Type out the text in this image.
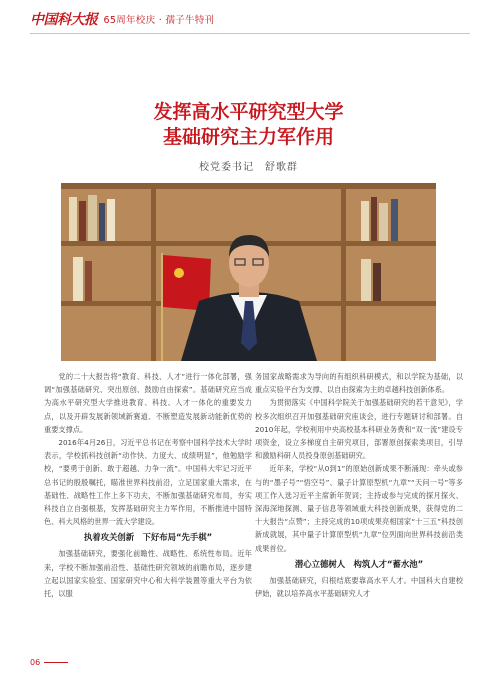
中国科大报 65周年校庆 · 孺子牛特刊
发挥高水平研究型大学
基础研究主力军作用
校党委书记　舒歌群

党的二十大报告将“教育、科技、人才”进行一体化部署，强调“加强基础研究、突出原创、鼓励自由探索”。基础研究应当成为高水平研究型大学推进教育、科技、人才一体化的重要发力点，以及开辟发展新领域新赛道、不断塑造发展新动能新优势的重要支撑点。

2016年4月26日，习近平总书记在考察中国科学技术大学时表示，学校抓科技创新“动作快、力度大、成绩明显”，他勉励学校，“要勇于创新、敢于超越、力争一流”。中国科大牢记习近平总书记的殷殷嘱托，瞄准世界科技前沿，立足国家重大需求，在基础性、战略性工作上多下功夫，不断加强基础研究布局，夯实科技自立自强根基，发挥基础研究主力军作用，不断推进中国特色、科大风格的世界一流大学建设。

执着攻关创新　下好布局“先手棋”

加强基础研究，要强化前瞻性、战略性、系统性布局。近年来，学校不断加强前沿性、基础性研究领域的前瞻布局，逐步建立起以国家实验室、国家研究中心和大科学装置等重大平台为依托，以服

务国家战略需求为导向的有组织科研模式，和以学院为基础，以重点实验平台为支撑、以自由探索为主的卓越科技创新体系。

为贯彻落实《中国科学院关于加强基础研究的若干意见》，学校多次组织召开加强基础研究座谈会，进行专题研讨和部署。自2010年起，学校利用中央高校基本科研业务费和“双一流”建设专项资金，设立多梯度自主研究项目，部署原创探索类项目，引导和激励科研人员投身原创基础研究。

近年来，学校“从0到1”的原始创新成果不断涌现：牵头或参与的“墨子号”“悟空号”、量子计算原型机“九章”“天问一号”等多项工作入选习近平主席新年贺词；主持或参与完成的探月探火、深海深地探测、量子信息等领域重大科技创新成果，获得党的二十大报告“点赞”；主持完成的10项成果亮相国家“十三五”科技创新成就展，其中量子计算原型机“九章”位列面向世界科技前沿类成果首位。

潜心立德树人　构筑人才“蓄水池”

加强基础研究，归根结底要靠高水平人才。中国科大自建校伊始，就以培养高水平基础研究人才

06
